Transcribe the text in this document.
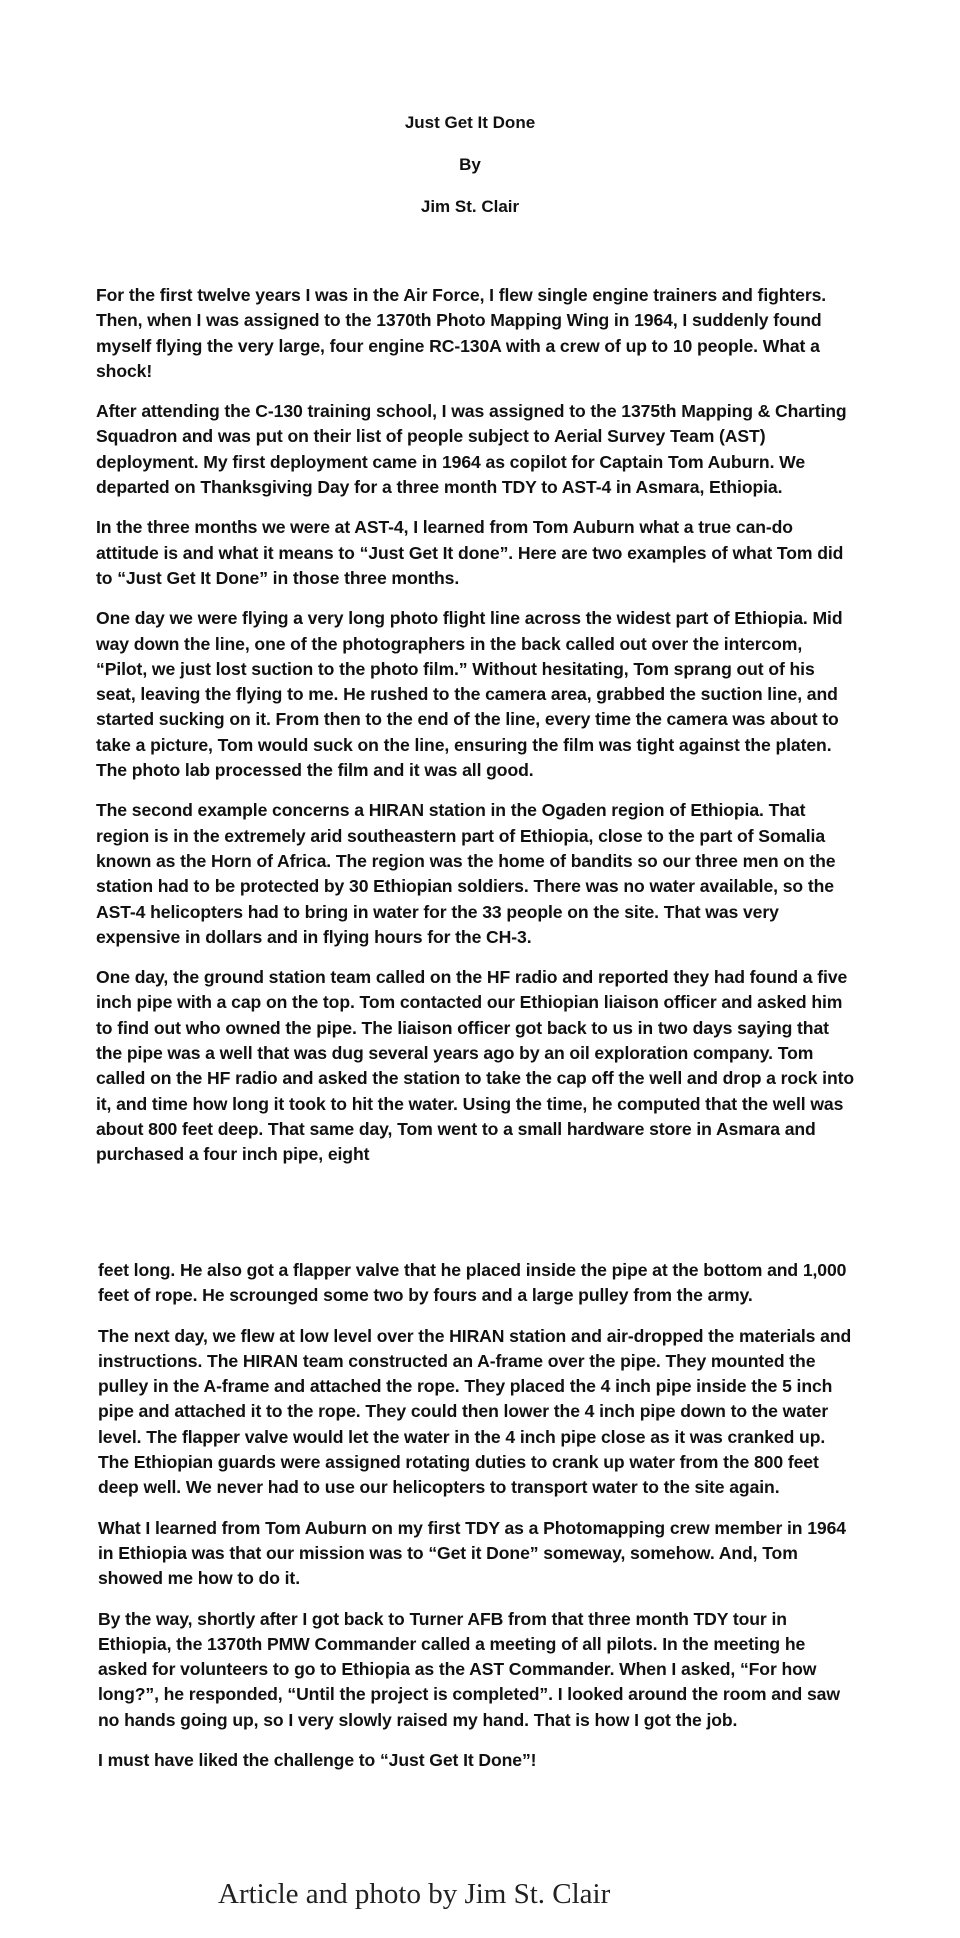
Just Get It Done
By
Jim St. Clair

For the first twelve years I was in the Air Force, I flew single engine trainers and fighters. Then, when I was assigned to the 1370th Photo Mapping Wing in 1964, I suddenly found myself flying the very large, four engine RC-130A with a crew of up to 10 people. What a shock!

After attending the C-130 training school, I was assigned to the 1375th Mapping & Charting Squadron and was put on their list of people subject to Aerial Survey Team (AST) deployment. My first deployment came in 1964 as copilot for Captain Tom Auburn. We departed on Thanksgiving Day for a three month TDY to AST-4 in Asmara, Ethiopia.

In the three months we were at AST-4, I learned from Tom Auburn what a true can-do attitude is and what it means to “Just Get It done”. Here are two examples of what Tom did to “Just Get It Done” in those three months.

One day we were flying a very long photo flight line across the widest part of Ethiopia. Mid way down the line, one of the photographers in the back called out over the intercom, “Pilot, we just lost suction to the photo film.” Without hesitating, Tom sprang out of his seat, leaving the flying to me. He rushed to the camera area, grabbed the suction line, and started sucking on it. From then to the end of the line, every time the camera was about to take a picture, Tom would suck on the line, ensuring the film was tight against the platen. The photo lab processed the film and it was all good.

The second example concerns a HIRAN station in the Ogaden region of Ethiopia. That region is in the extremely arid southeastern part of Ethiopia, close to the part of Somalia known as the Horn of Africa. The region was the home of bandits so our three men on the station had to be protected by 30 Ethiopian soldiers. There was no water available, so the AST-4 helicopters had to bring in water for the 33 people on the site. That was very expensive in dollars and in flying hours for the CH-3.

One day, the ground station team called on the HF radio and reported they had found a five inch pipe with a cap on the top. Tom contacted our Ethiopian liaison officer and asked him to find out who owned the pipe. The liaison officer got back to us in two days saying that the pipe was a well that was dug several years ago by an oil exploration company. Tom called on the HF radio and asked the station to take the cap off the well and drop a rock into it, and time how long it took to hit the water. Using the time, he computed that the well was about 800 feet deep. That same day, Tom went to a small hardware store in Asmara and purchased a four inch pipe, eight

feet long. He also got a flapper valve that he placed inside the pipe at the bottom and 1,000 feet of rope. He scrounged some two by fours and a large pulley from the army.

The next day, we flew at low level over the HIRAN station and air-dropped the materials and instructions. The HIRAN team constructed an A-frame over the pipe. They mounted the pulley in the A-frame and attached the rope. They placed the 4 inch pipe inside the 5 inch pipe and attached it to the rope. They could then lower the 4 inch pipe down to the water level. The flapper valve would let the water in the 4 inch pipe close as it was cranked up. The Ethiopian guards were assigned rotating duties to crank up water from the 800 feet deep well. We never had to use our helicopters to transport water to the site again.

What I learned from Tom Auburn on my first TDY as a Photomapping crew member in 1964 in Ethiopia was that our mission was to “Get it Done” someway, somehow. And, Tom showed me how to do it.

By the way, shortly after I got back to Turner AFB from that three month TDY tour in Ethiopia, the 1370th PMW Commander called a meeting of all pilots. In the meeting he asked for volunteers to go to Ethiopia as the AST Commander. When I asked, “For how long?”, he responded, “Until the project is completed”. I looked around the room and saw no hands going up, so I very slowly raised my hand. That is how I got the job.

I must have liked the challenge to “Just Get It Done”!

Article and photo by Jim St. Clair
